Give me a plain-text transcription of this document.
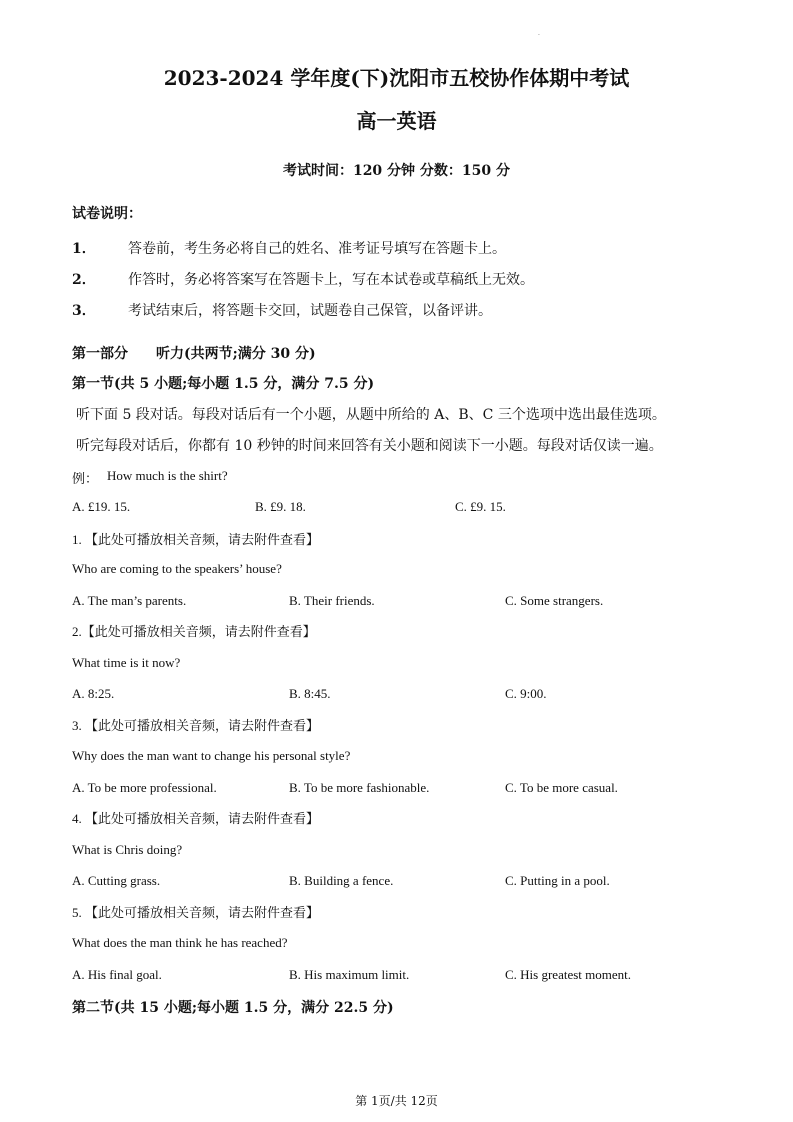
.
2023-2024 学年度(下)沈阳市五校协作体期中考试
高一英语
考试时间：120 分钟 分数：150 分
试卷说明：
1． 答卷前，考生务必将自己的姓名、准考证号填写在答题卡上。
2． 作答时，务必将答案写在答题卡上，写在本试卷或草稿纸上无效。
3． 考试结束后，将答题卡交回，试题卷自己保管，以备评讲。
第一部分　　听力(共两节;满分 30 分)
第一节(共 5 小题;每小题 1.5 分，满分 7.5 分)
听下面 5 段对话。每段对话后有一个小题，从题中所给的 A、B、C 三个选项中选出最佳选项。
听完每段对话后，你都有 10 秒钟的时间来回答有关小题和阅读下一小题。每段对话仅读一遍。
例： How much is the shirt?
A. £19. 15.	B. £9. 18.	C. £9. 15.
1. 【此处可播放相关音频，请去附件查看】
Who are coming to the speakers’ house?
A. The man’s parents.	B. Their friends.	C. Some strangers.
2.【此处可播放相关音频，请去附件查看】
What time is it now?
A. 8:25.	B. 8:45.	C. 9:00.
3. 【此处可播放相关音频，请去附件查看】
Why does the man want to change his personal style?
A. To be more professional.	B. To be more fashionable.	C. To be more casual.
4. 【此处可播放相关音频，请去附件查看】
What is Chris doing?
A. Cutting grass.	B. Building a fence.	C. Putting in a pool.
5. 【此处可播放相关音频，请去附件查看】
What does the man think he has reached?
A. His final goal.	B. His maximum limit.	C. His greatest moment.
第二节(共 15 小题;每小题 1.5 分，满分 22.5 分)
第 1页/共 12页
